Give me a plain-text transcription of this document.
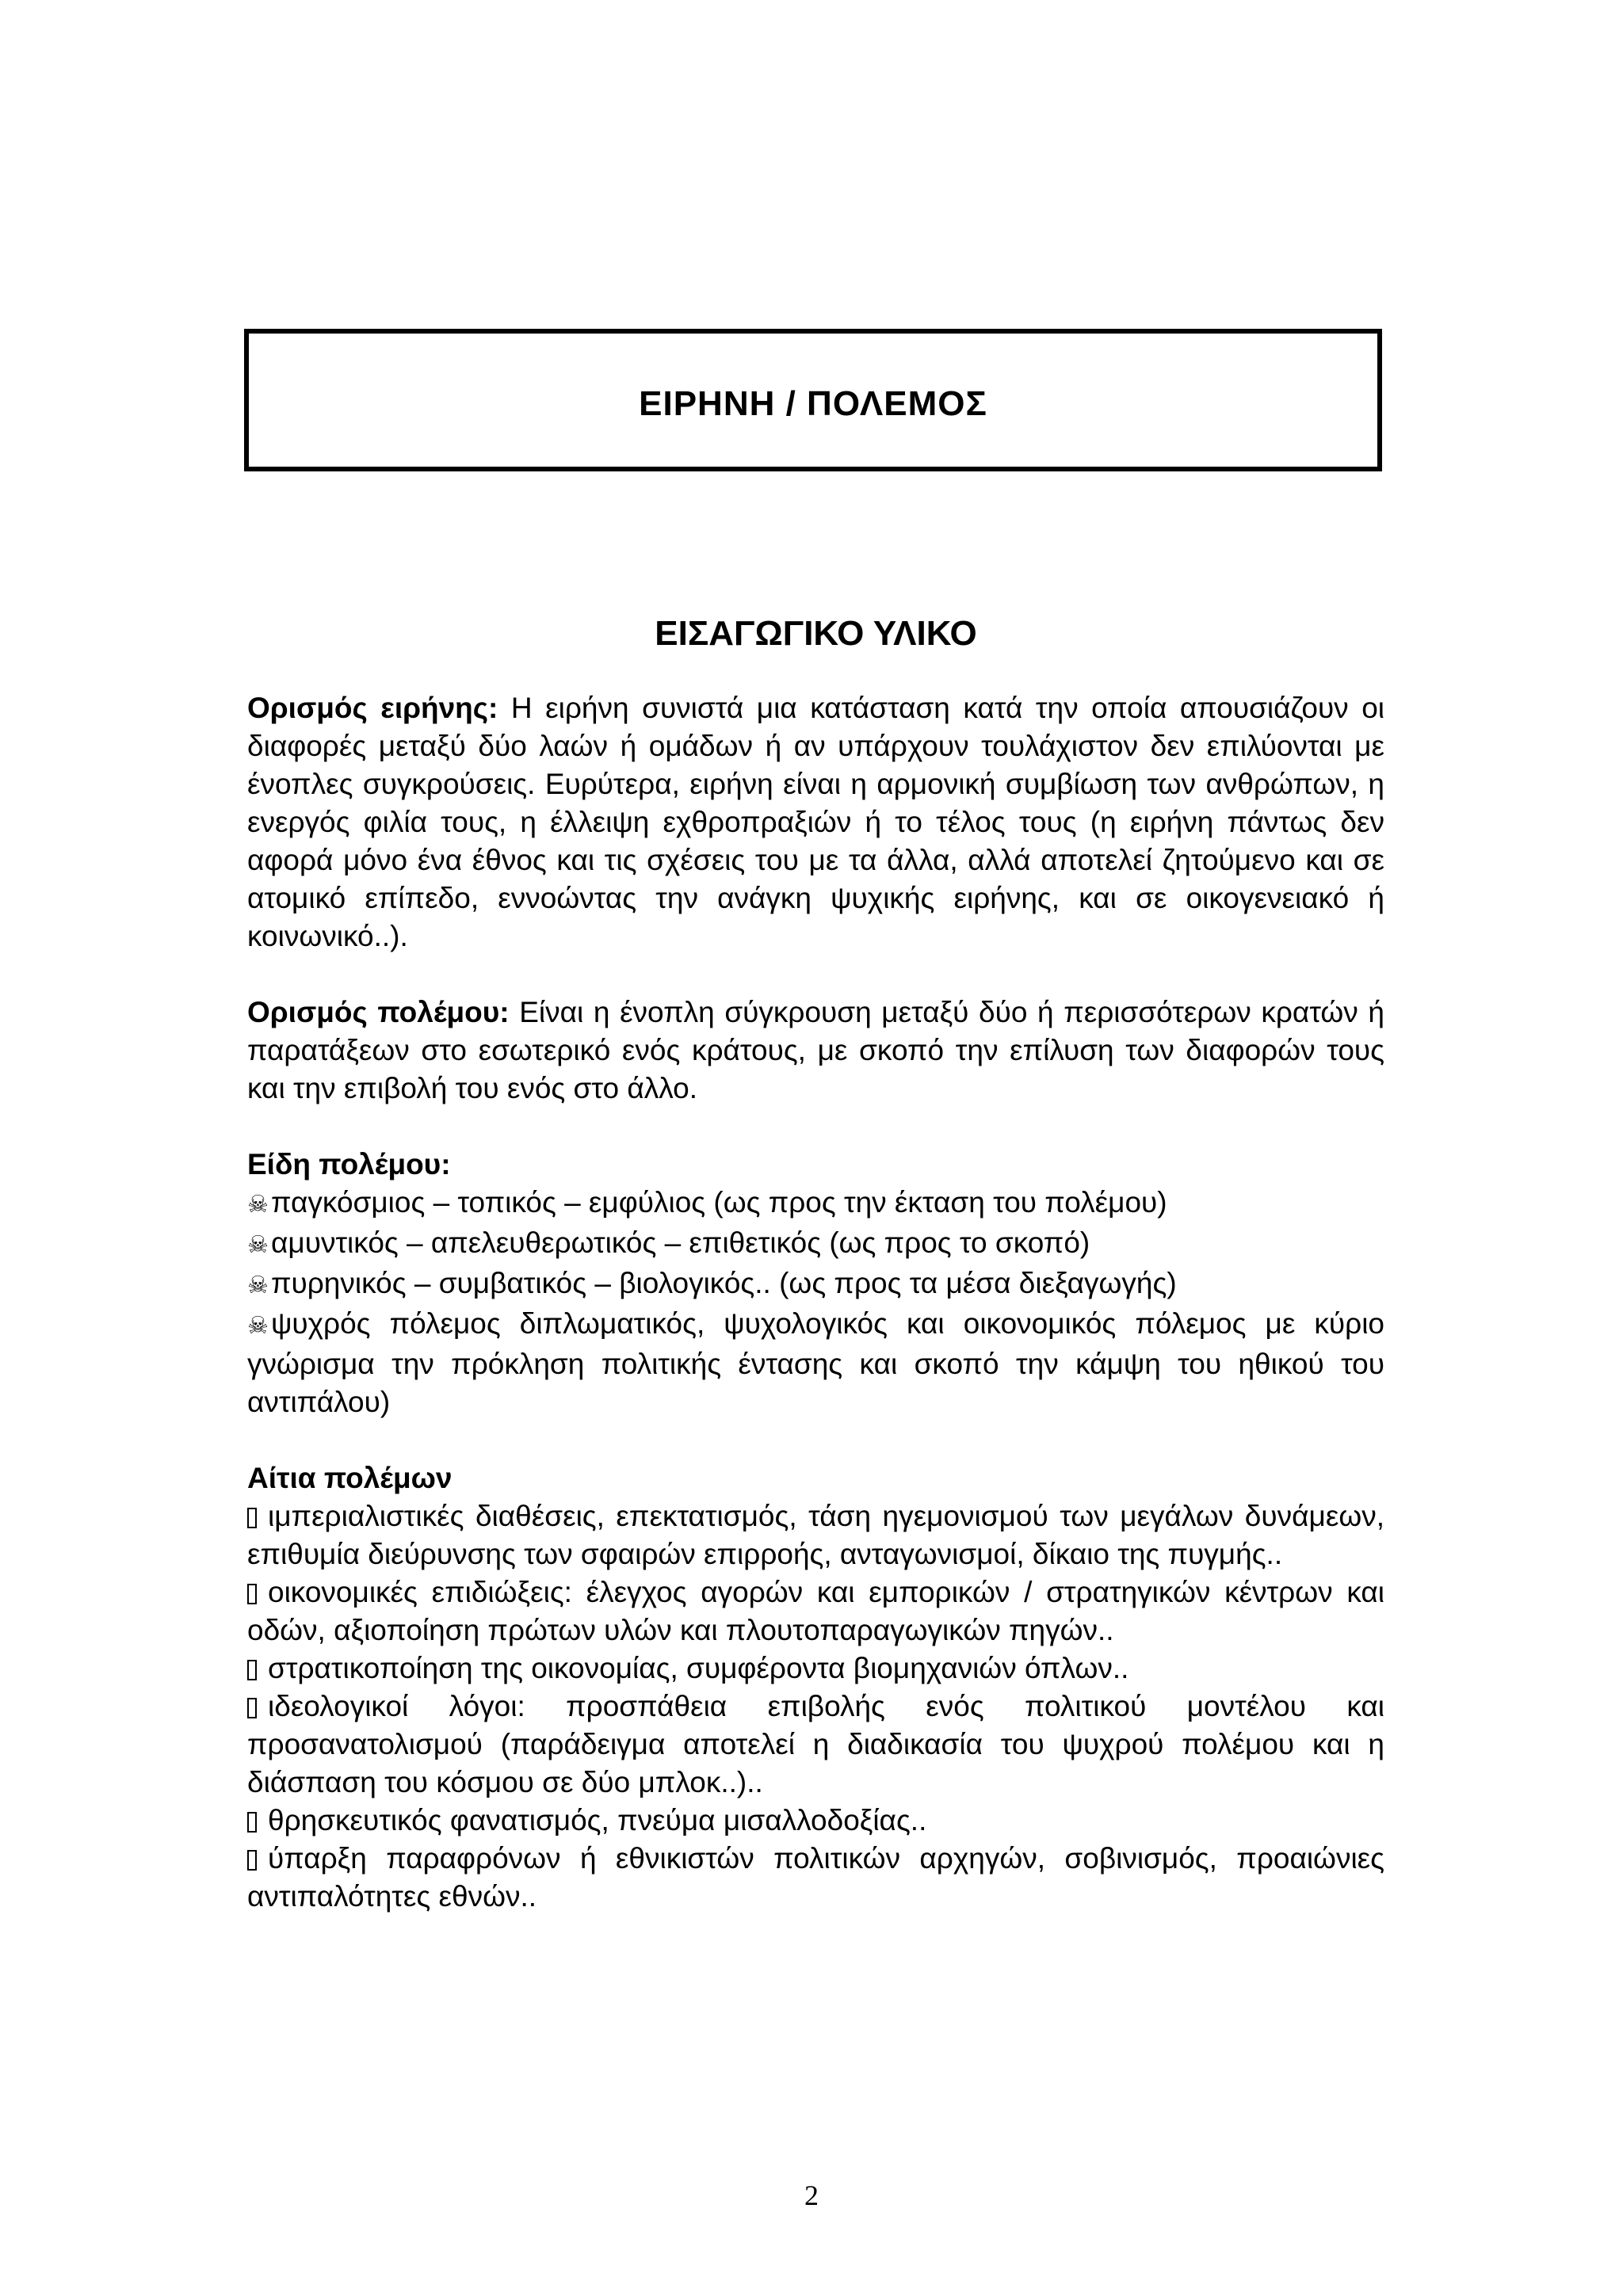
ΕΙΡΗΝΗ / ΠΟΛΕΜΟΣ
ΕΙΣΑΓΩΓΙΚΟ ΥΛΙΚΟ
Ορισμός ειρήνης: Η ειρήνη συνιστά μια κατάσταση κατά την οποία απουσιάζουν οι διαφορές μεταξύ δύο λαών ή ομάδων ή αν υπάρχουν τουλάχιστον δεν επιλύονται με ένοπλες συγκρούσεις. Ευρύτερα, ειρήνη είναι η αρμονική συμβίωση των ανθρώπων, η ενεργός φιλία τους, η έλλειψη εχθροπραξιών ή το τέλος τους (η ειρήνη πάντως δεν αφορά μόνο ένα έθνος και τις σχέσεις του με τα άλλα, αλλά αποτελεί ζητούμενο και σε ατομικό επίπεδο, εννοώντας την ανάγκη ψυχικής ειρήνης, και σε οικογενειακό ή κοινωνικό..).
Ορισμός πολέμου: Είναι η ένοπλη σύγκρουση μεταξύ δύο ή περισσότερων κρατών ή παρατάξεων στο εσωτερικό ενός κράτους, με σκοπό την επίλυση των διαφορών τους και την επιβολή του ενός στο άλλο.
Είδη πολέμου:
☠παγκόσμιος – τοπικός – εμφύλιος (ως προς την έκταση του πολέμου)
☠αμυντικός – απελευθερωτικός – επιθετικός (ως προς το σκοπό)
☠πυρηνικός – συμβατικός – βιολογικός.. (ως προς τα μέσα διεξαγωγής)
☠ψυχρός πόλεμος διπλωματικός, ψυχολογικός και οικονομικός πόλεμος με κύριο γνώρισμα την πρόκληση πολιτικής έντασης και σκοπό την κάμψη του ηθικού του αντιπάλου)
Αίτια πολέμων
ιμπεριαλιστικές διαθέσεις, επεκτατισμός, τάση ηγεμονισμού των μεγάλων δυνάμεων, επιθυμία διεύρυνσης των σφαιρών επιρροής, ανταγωνισμοί, δίκαιο της πυγμής..
οικονομικές επιδιώξεις: έλεγχος αγορών και εμπορικών / στρατηγικών κέντρων και οδών, αξιοποίηση πρώτων υλών και πλουτοπαραγωγικών πηγών..
στρατικοποίηση της οικονομίας, συμφέροντα βιομηχανιών όπλων..
ιδεολογικοί λόγοι: προσπάθεια επιβολής ενός πολιτικού μοντέλου και προσανατολισμού (παράδειγμα αποτελεί η διαδικασία του ψυχρού πολέμου και η διάσπαση του κόσμου σε δύο μπλοκ..)..
θρησκευτικός φανατισμός, πνεύμα μισαλλοδοξίας..
ύπαρξη παραφρόνων ή εθνικιστών πολιτικών αρχηγών, σοβινισμός, προαιώνιες αντιπαλότητες εθνών..
2
